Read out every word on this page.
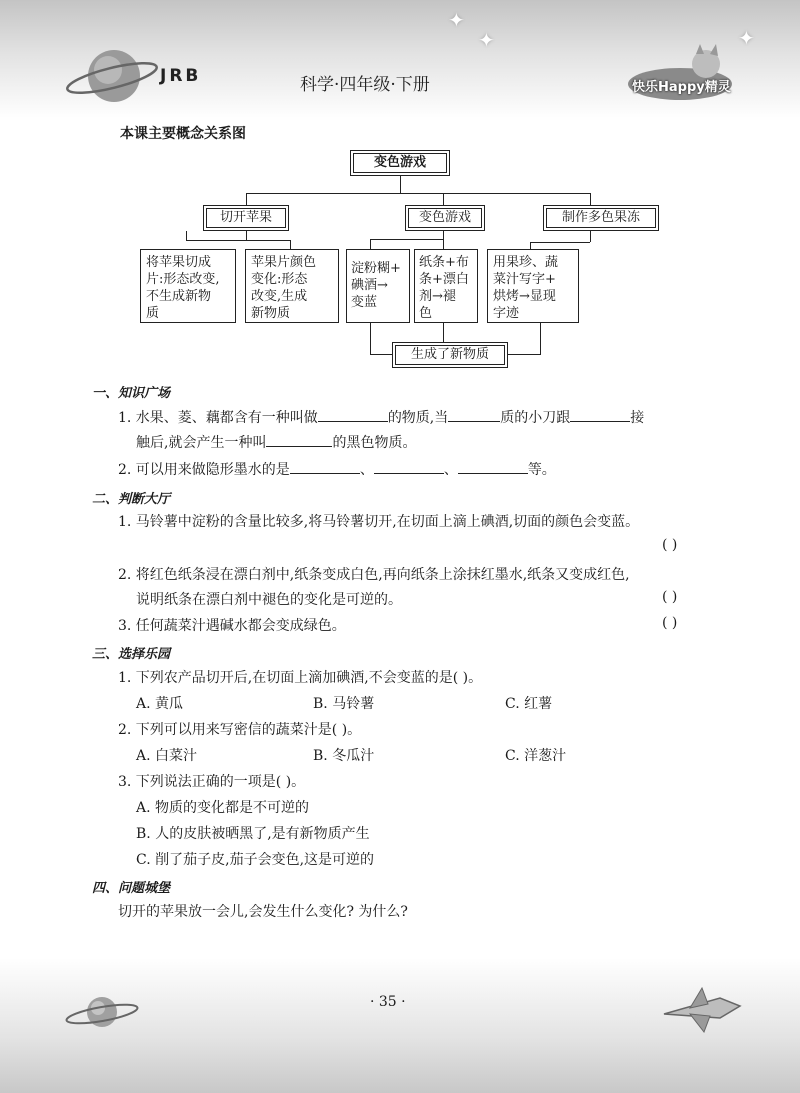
JRB	科学·四年级·下册
✦
✦	✦
快乐Happy精灵
本课主要概念关系图
变色游戏
切开苹果	变色游戏	制作多色果冻
将苹果切成
片:形态改变,
不生成新物
质
苹果片颜色
变化:形态
改变,生成
新物质
淀粉糊+
碘酒→
变蓝
纸条+布
条+漂白
剂→褪
色
用果珍、蔬
菜汁写字+
烘烤→显现
字迹
生成了新物质
一、知识广场
1. 水果、菱、藕都含有一种叫做	的物质,当	质的小刀跟	接
触后,就会产生一种叫	的黑色物质。
2. 可以用来做隐形墨水的是	、	、	等。
二、判断大厅
1. 马铃薯中淀粉的含量比较多,将马铃薯切开,在切面上滴上碘酒,切面的颜色会变蓝。
( )
2. 将红色纸条浸在漂白剂中,纸条变成白色,再向纸条上涂抹红墨水,纸条又变成红色,
说明纸条在漂白剂中褪色的变化是可逆的。	( )
3. 任何蔬菜汁遇碱水都会变成绿色。	( )
三、选择乐园
1. 下列农产品切开后,在切面上滴加碘酒,不会变蓝的是( )。
A. 黄瓜	B. 马铃薯	C. 红薯
2. 下列可以用来写密信的蔬菜汁是( )。
A. 白菜汁	B. 冬瓜汁	C. 洋葱汁
3. 下列说法正确的一项是( )。
A. 物质的变化都是不可逆的
B. 人的皮肤被晒黑了,是有新物质产生
C. 削了茄子皮,茄子会变色,这是可逆的
四、问题城堡
切开的苹果放一会儿,会发生什么变化? 为什么?
· 35 ·
